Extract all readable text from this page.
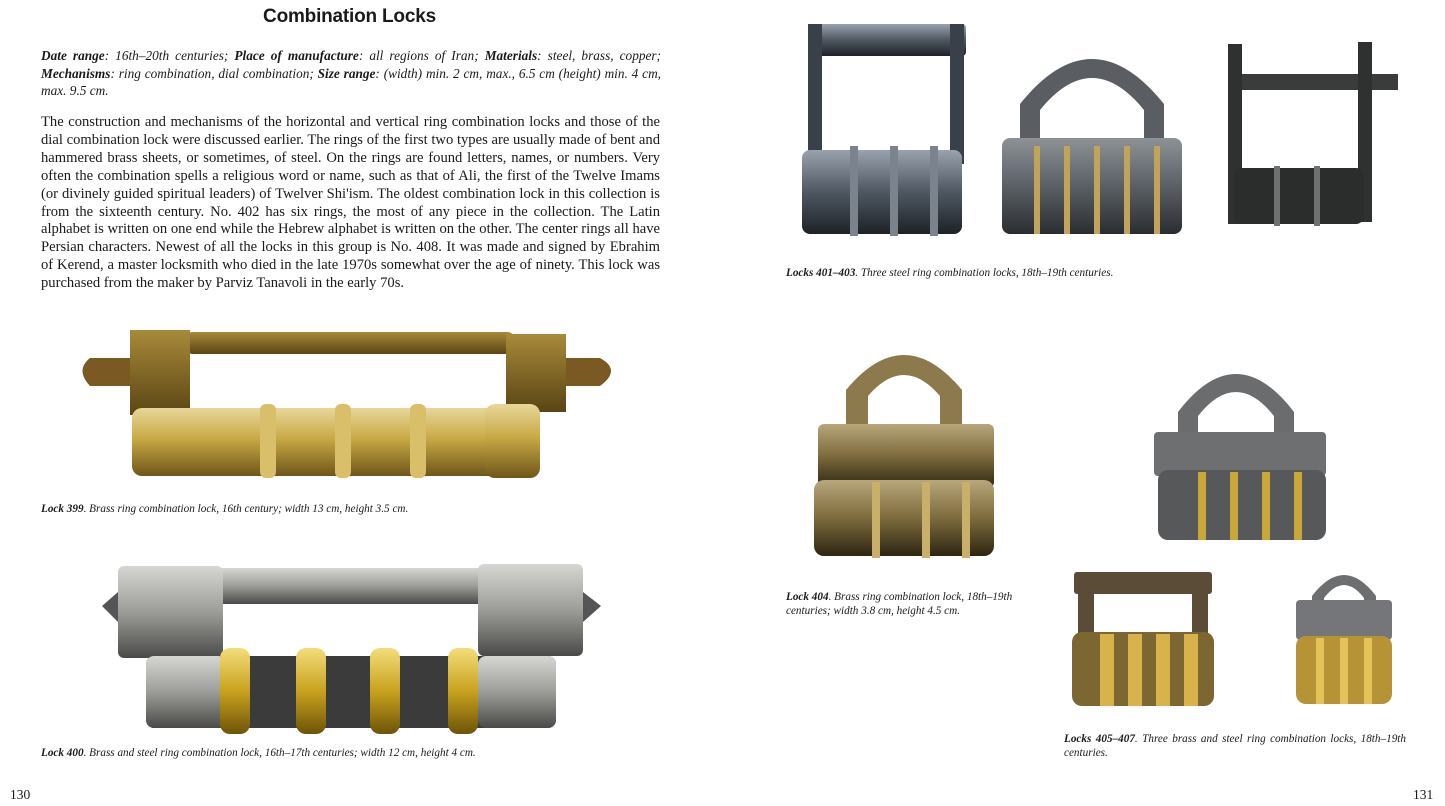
Combination Locks
Date range: 16th–20th centuries; Place of manufacture: all regions of Iran; Materials: steel, brass, copper; Mechanisms: ring combination, dial combination; Size range: (width) min. 2 cm, max., 6.5 cm (height) min. 4 cm, max. 9.5 cm.
The construction and mechanisms of the horizontal and vertical ring combination locks and those of the dial combination lock were discussed earlier. The rings of the first two types are usually made of bent and hammered brass sheets, or sometimes, of steel. On the rings are found letters, names, or numbers. Very often the combination spells a religious word or name, such as that of Ali, the first of the Twelve Imams (or divinely guided spiritual leaders) of Twelver Shi'ism. The oldest combination lock in this collection is from the sixteenth century. No. 402 has six rings, the most of any piece in the collection. The Latin alphabet is written on one end while the Hebrew alphabet is written on the other. The center rings all have Persian characters. Newest of all the locks in this group is No. 408. It was made and signed by Ebrahim of Kerend, a master locksmith who died in the late 1970s somewhat over the age of ninety. This lock was purchased from the maker by Parviz Tanavoli in the early 70s.
Lock 399. Brass ring combination lock, 16th century; width 13 cm, height 3.5 cm.
Lock 400. Brass and steel ring combination lock, 16th–17th centuries; width 12 cm, height 4 cm.
130
Locks 401–403. Three steel ring combination locks, 18th–19th centuries.
Lock 404. Brass ring combination lock, 18th–19th centuries; width 3.8 cm, height 4.5 cm.
Locks 405–407. Three brass and steel ring combination locks, 18th–19th centuries.
131
